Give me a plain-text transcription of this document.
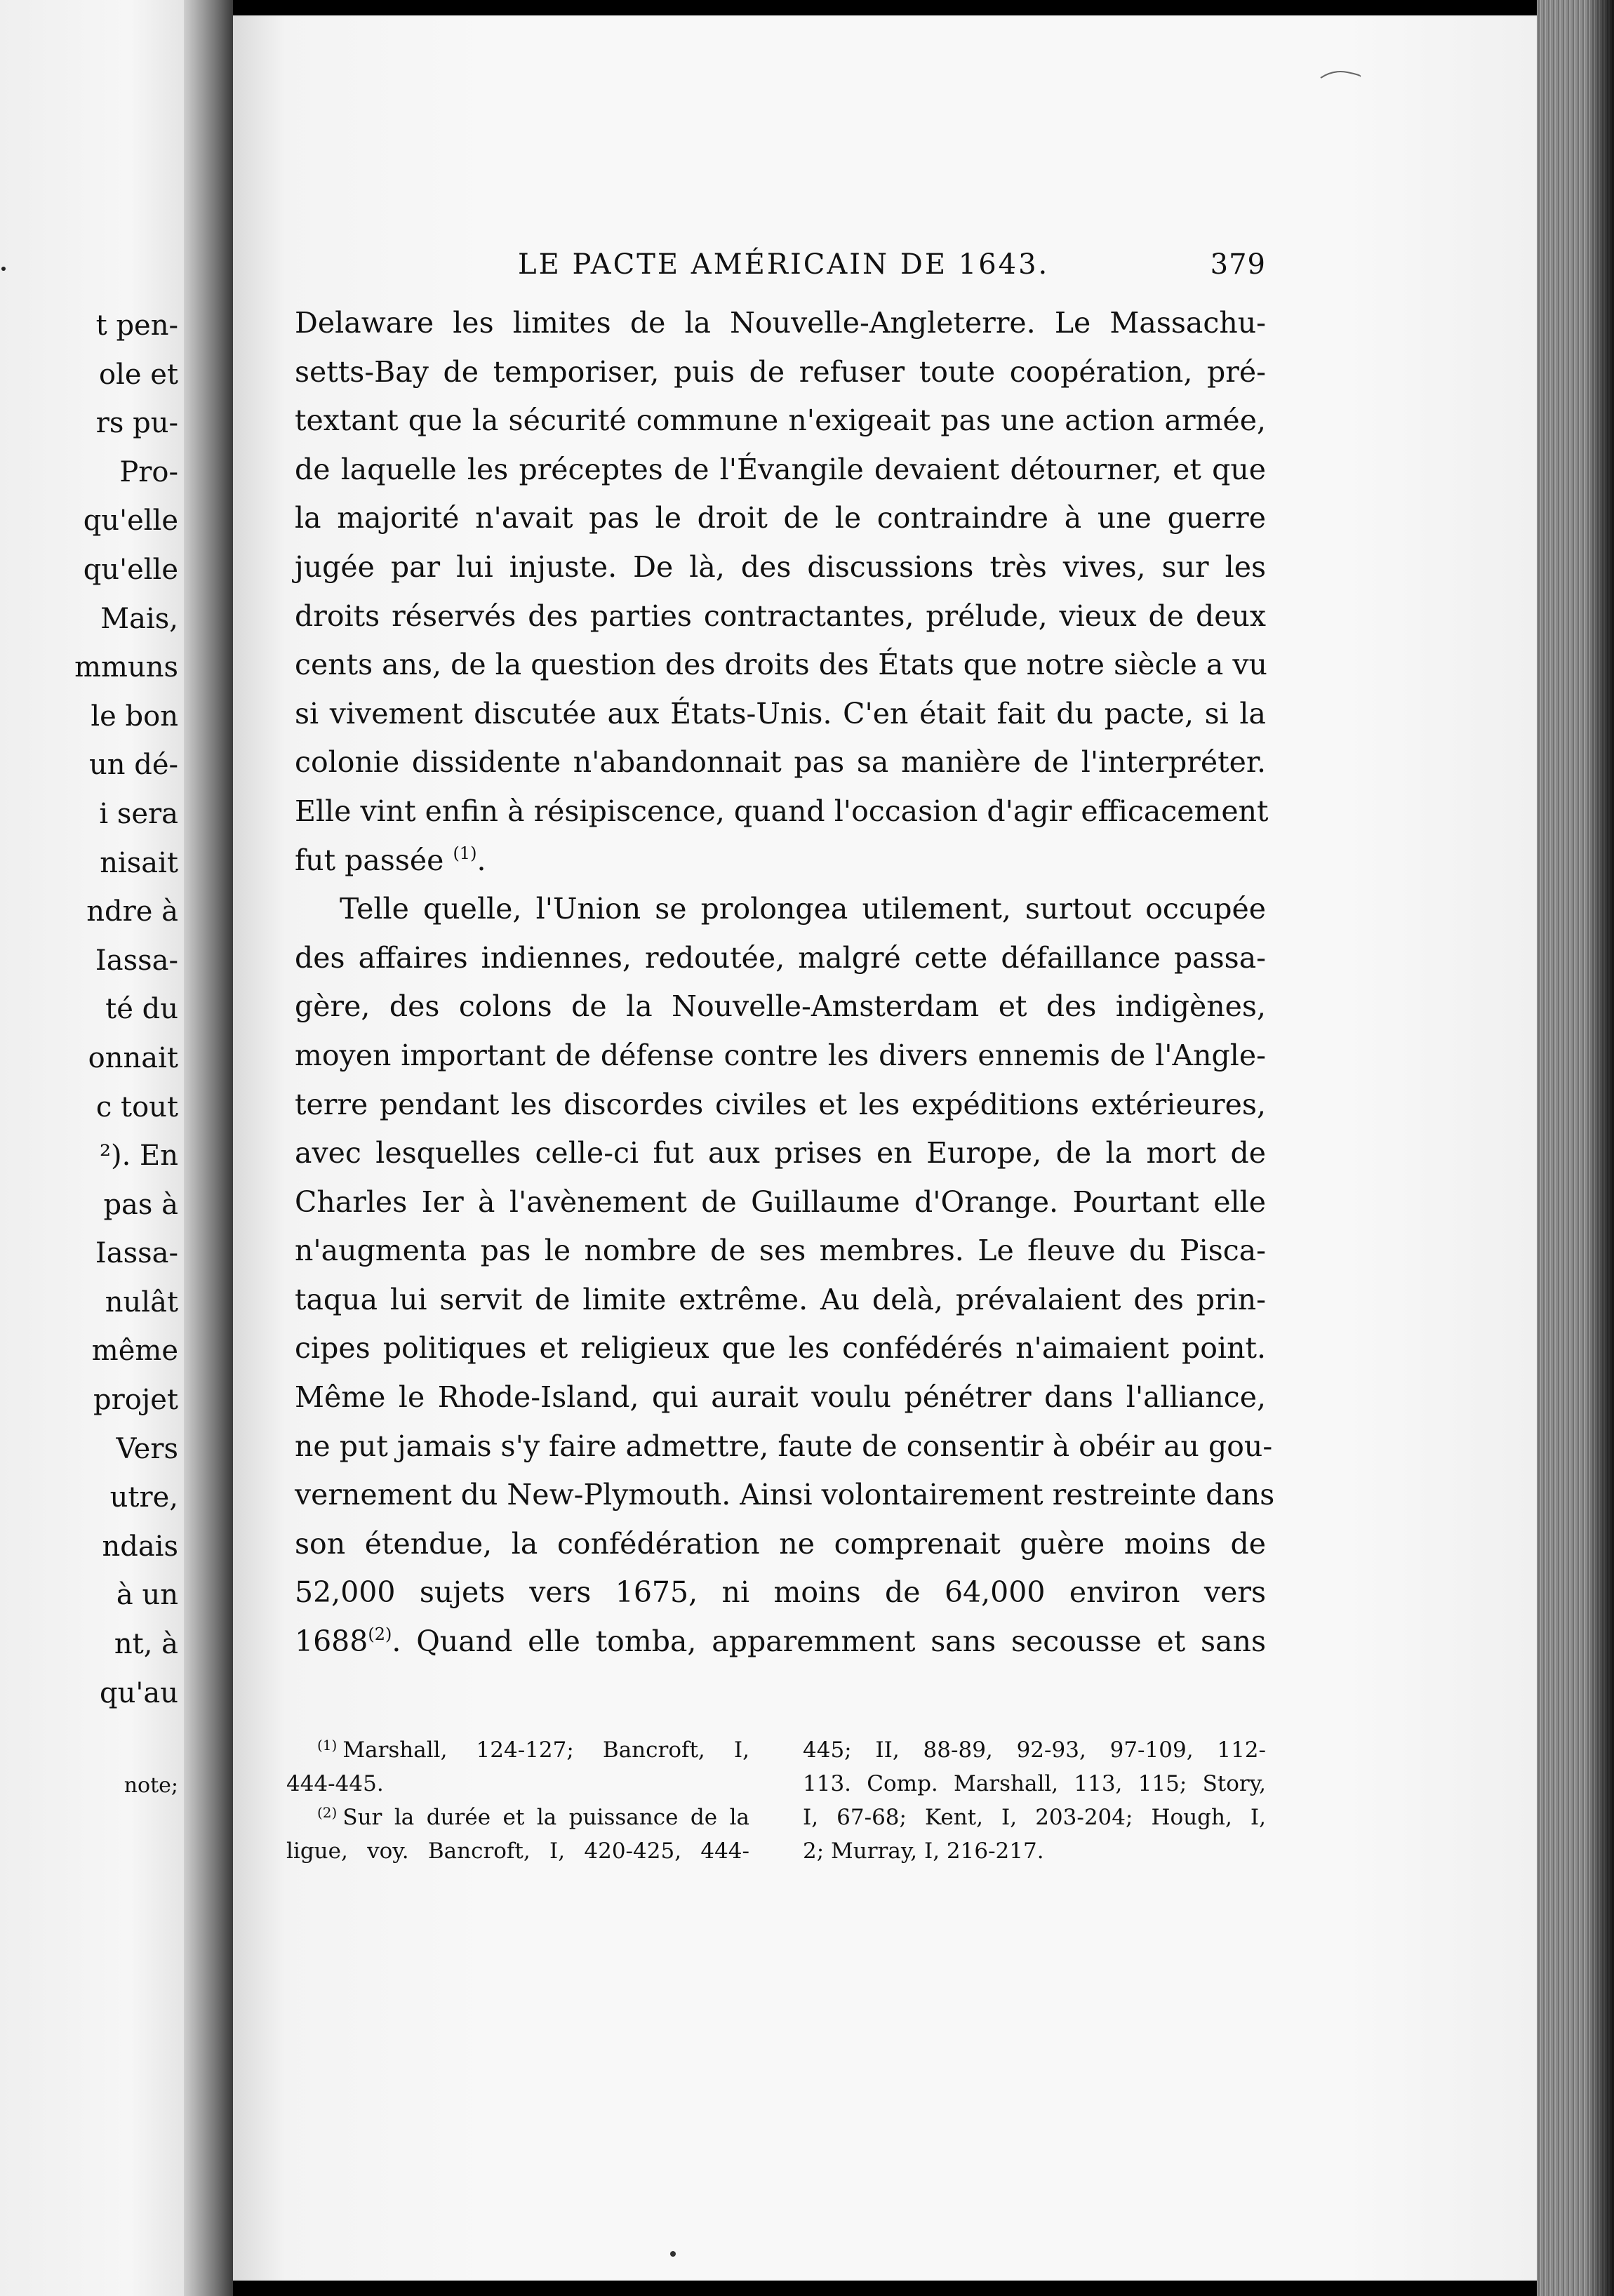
t pen-
ole et
rs pu-
Pro-
qu'elle
qu'elle
Mais,
mmuns
le bon
un dé-
i sera
nisait
ndre à
Iassa-
té du
onnait
c tout
²). En
pas à
Iassa-
nulât
même
projet
Vers
utre,
ndais
à un
nt, à
qu'au
note;
LE PACTE AMÉRICAIN DE 1643.	379
Delaware les limites de la Nouvelle-Angleterre. Le Massachu-
setts-Bay de temporiser, puis de refuser toute coopération, pré-
textant que la sécurité commune n'exigeait pas une action armée,
de laquelle les préceptes de l'Évangile devaient détourner, et que
la majorité n'avait pas le droit de le contraindre à une guerre
jugée par lui injuste. De là, des discussions très vives, sur les
droits réservés des parties contractantes, prélude, vieux de deux
cents ans, de la question des droits des États que notre siècle a vu
si vivement discutée aux États-Unis. C'en était fait du pacte, si la
colonie dissidente n'abandonnait pas sa manière de l'interpréter.
Elle vint enfin à résipiscence, quand l'occasion d'agir efficacement
fut passée $^{(1)}$.
Telle quelle, l'Union se prolongea utilement, surtout occupée
des affaires indiennes, redoutée, malgré cette défaillance passa-
gère, des colons de la Nouvelle-Amsterdam et des indigènes,
moyen important de défense contre les divers ennemis de l'Angle-
terre pendant les discordes civiles et les expéditions extérieures,
avec lesquelles celle-ci fut aux prises en Europe, de la mort de
Charles Ier à l'avènement de Guillaume d'Orange. Pourtant elle
n'augmenta pas le nombre de ses membres. Le fleuve du Pisca-
taqua lui servit de limite extrême. Au delà, prévalaient des prin-
cipes politiques et religieux que les confédérés n'aimaient point.
Même le Rhode-Island, qui aurait voulu pénétrer dans l'alliance,
ne put jamais s'y faire admettre, faute de consentir à obéir au gou-
vernement du New-Plymouth. Ainsi volontairement restreinte dans
son étendue, la confédération ne comprenait guère moins de
52,000 sujets vers 1675, ni moins de 64,000 environ vers
1688$^{(2)}$. Quand elle tomba, apparemment sans secousse et sans
$^{(1)}$ Marshall, 124-127; Bancroft, I,
444-445.
$^{(2)}$ Sur la durée et la puissance de la
ligue, voy. Bancroft, I, 420-425, 444-
445; II, 88-89, 92-93, 97-109, 112-
113. Comp. Marshall, 113, 115; Story,
I, 67-68; Kent, I, 203-204; Hough, I,
2; Murray, I, 216-217.
